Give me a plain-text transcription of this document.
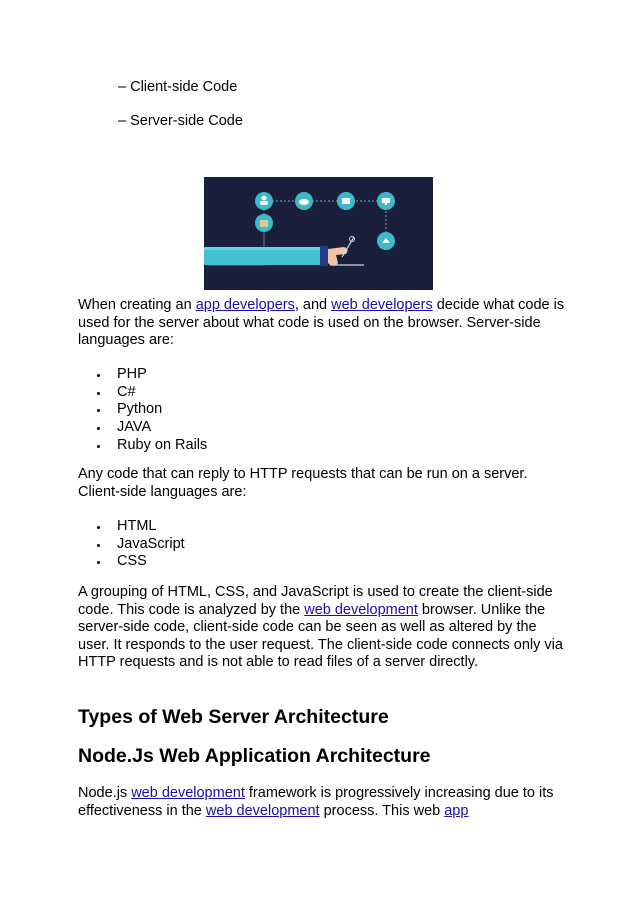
– Client-side Code
– Server-side Code

When creating an app developers, and web developers decide what code is used for the server about what code is used on the browser. Server-side languages are:

PHP
C#
Python
JAVA
Ruby on Rails

Any code that can reply to HTTP requests that can be run on a server. Client-side languages are:

HTML
JavaScript
CSS

A grouping of HTML, CSS, and JavaScript is used to create the client-side code. This code is analyzed by the web development browser. Unlike the server-side code, client-side code can be seen as well as altered by the user. It responds to the user request. The client-side code connects only via HTTP requests and is not able to read files of a server directly.

Types of Web Server Architecture
Node.Js Web Application Architecture

Node.js web development framework is progressively increasing due to its effectiveness in the web development process. This web app
